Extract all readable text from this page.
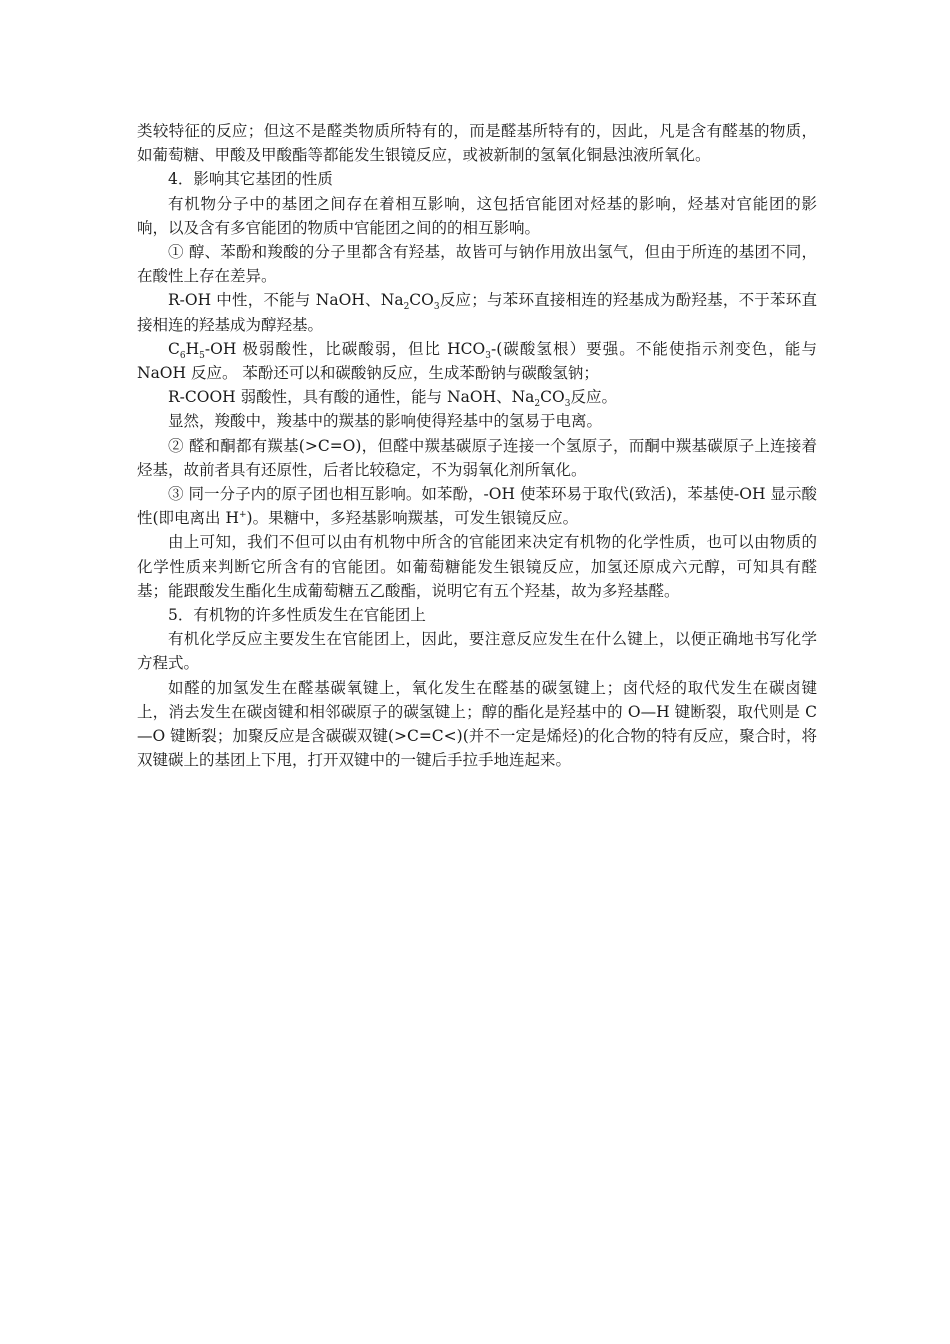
类较特征的反应；但这不是醛类物质所特有的，而是醛基所特有的，因此，凡是含有醛基的物质，如葡萄糖、甲酸及甲酸酯等都能发生银镜反应，或被新制的氢氧化铜悬浊液所氧化。

4．影响其它基团的性质

有机物分子中的基团之间存在着相互影响，这包括官能团对烃基的影响，烃基对官能团的影响，以及含有多官能团的物质中官能团之间的的相互影响。

① 醇、苯酚和羧酸的分子里都含有羟基，故皆可与钠作用放出氢气，但由于所连的基团不同，在酸性上存在差异。

R-OH 中性，不能与 NaOH、$Na_2CO_3$反应；与苯环直接相连的羟基成为酚羟基，不于苯环直接相连的羟基成为醇羟基。

$C_6H_5-OH$ 极弱酸性，比碳酸弱，但比 $HCO_3-$(碳酸氢根）要强。不能使指示剂变色，能与 NaOH 反应。 苯酚还可以和碳酸钠反应，生成苯酚钠与碳酸氢钠；

R-COOH 弱酸性，具有酸的通性，能与 NaOH、$Na_2CO_3$反应。

显然，羧酸中，羧基中的羰基的影响使得羟基中的氢易于电离。

② 醛和酮都有羰基(>C=O)，但醛中羰基碳原子连接一个氢原子，而酮中羰基碳原子上连接着烃基，故前者具有还原性，后者比较稳定，不为弱氧化剂所氧化。

③ 同一分子内的原子团也相互影响。如苯酚，-OH 使苯环易于取代(致活)，苯基使-OH 显示酸性(即电离出 H+)。果糖中，多羟基影响羰基，可发生银镜反应。

由上可知，我们不但可以由有机物中所含的官能团来决定有机物的化学性质，也可以由物质的化学性质来判断它所含有的官能团。如葡萄糖能发生银镜反应，加氢还原成六元醇，可知具有醛基；能跟酸发生酯化生成葡萄糖五乙酸酯，说明它有五个羟基，故为多羟基醛。

5．有机物的许多性质发生在官能团上

有机化学反应主要发生在官能团上，因此，要注意反应发生在什么键上，以便正确地书写化学方程式。

如醛的加氢发生在醛基碳氧键上，氧化发生在醛基的碳氢键上；卤代烃的取代发生在碳卤键上，消去发生在碳卤键和相邻碳原子的碳氢键上；醇的酯化是羟基中的 O—H 键断裂，取代则是 C—O 键断裂；加聚反应是含碳碳双键(>C=C<)(并不一定是烯烃)的化合物的特有反应，聚合时，将双键碳上的基团上下甩，打开双键中的一键后手拉手地连起来。
